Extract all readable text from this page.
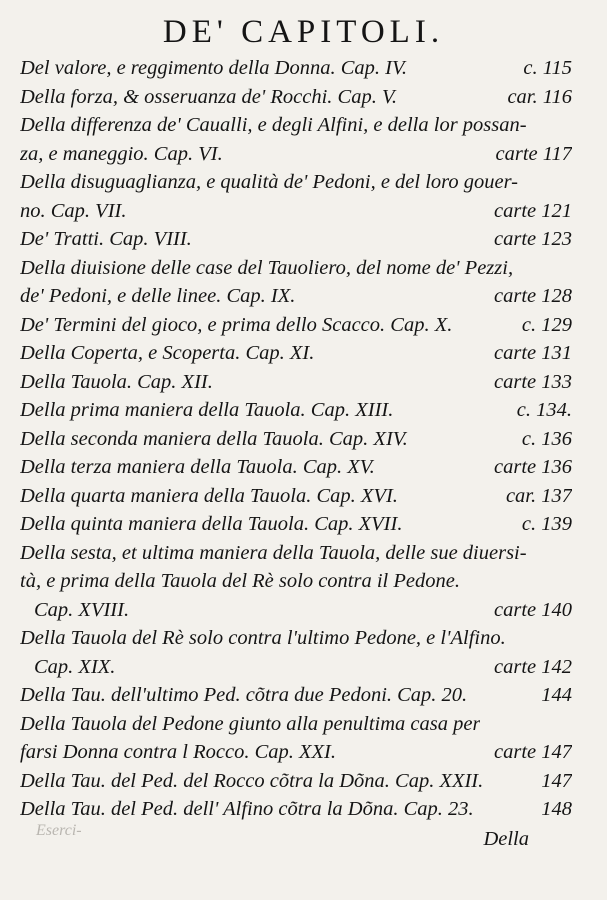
DE' CAPITOLI.
Del valore, e reggimento della Donna. Cap. IV.	c. 115
Della forza, & osseruanza de' Rocchi. Cap. V.	car. 116
Della differenza de' Caualli, e degli Alfini, e della lor possan-
za, e maneggio. Cap. VI.	carte 117
Della disuguaglianza, e qualità de' Pedoni, e del loro gouer-
no. Cap. VII.	carte 121
De' Tratti. Cap. VIII.	carte 123
Della diuisione delle case del Tauoliero, del nome de' Pezzi,
de' Pedoni, e delle linee. Cap. IX.	carte 128
De' Termini del gioco, e prima dello Scacco. Cap. X.	c. 129
Della Coperta, e Scoperta. Cap. XI.	carte 131
Della Tauola. Cap. XII.	carte 133
Della prima maniera della Tauola. Cap. XIII.	c. 134.
Della seconda maniera della Tauola. Cap. XIV.	c. 136
Della terza maniera della Tauola. Cap. XV.	carte 136
Della quarta maniera della Tauola. Cap. XVI.	car. 137
Della quinta maniera della Tauola. Cap. XVII.	c. 139
Della sesta, et ultima maniera della Tauola, delle sue diuersi-
tà, e prima della Tauola del Rè solo contra il Pedone.
Cap. XVIII.	carte 140
Della Tauola del Rè solo contra l'ultimo Pedone, e l'Alfino.
Cap. XIX.	carte 142
Della Tau. dell'ultimo Ped. cõtra due Pedoni. Cap. 20.	144
Della Tauola del Pedone giunto alla penultima casa per
farsi Donna contra l Rocco. Cap. XXI.	carte 147
Della Tau. del Ped. del Rocco cõtra la Dõna. Cap. XXII.	147
Della Tau. del Ped. dell' Alfino cõtra la Dõna. Cap. 23.	148
Eserci-	Della
